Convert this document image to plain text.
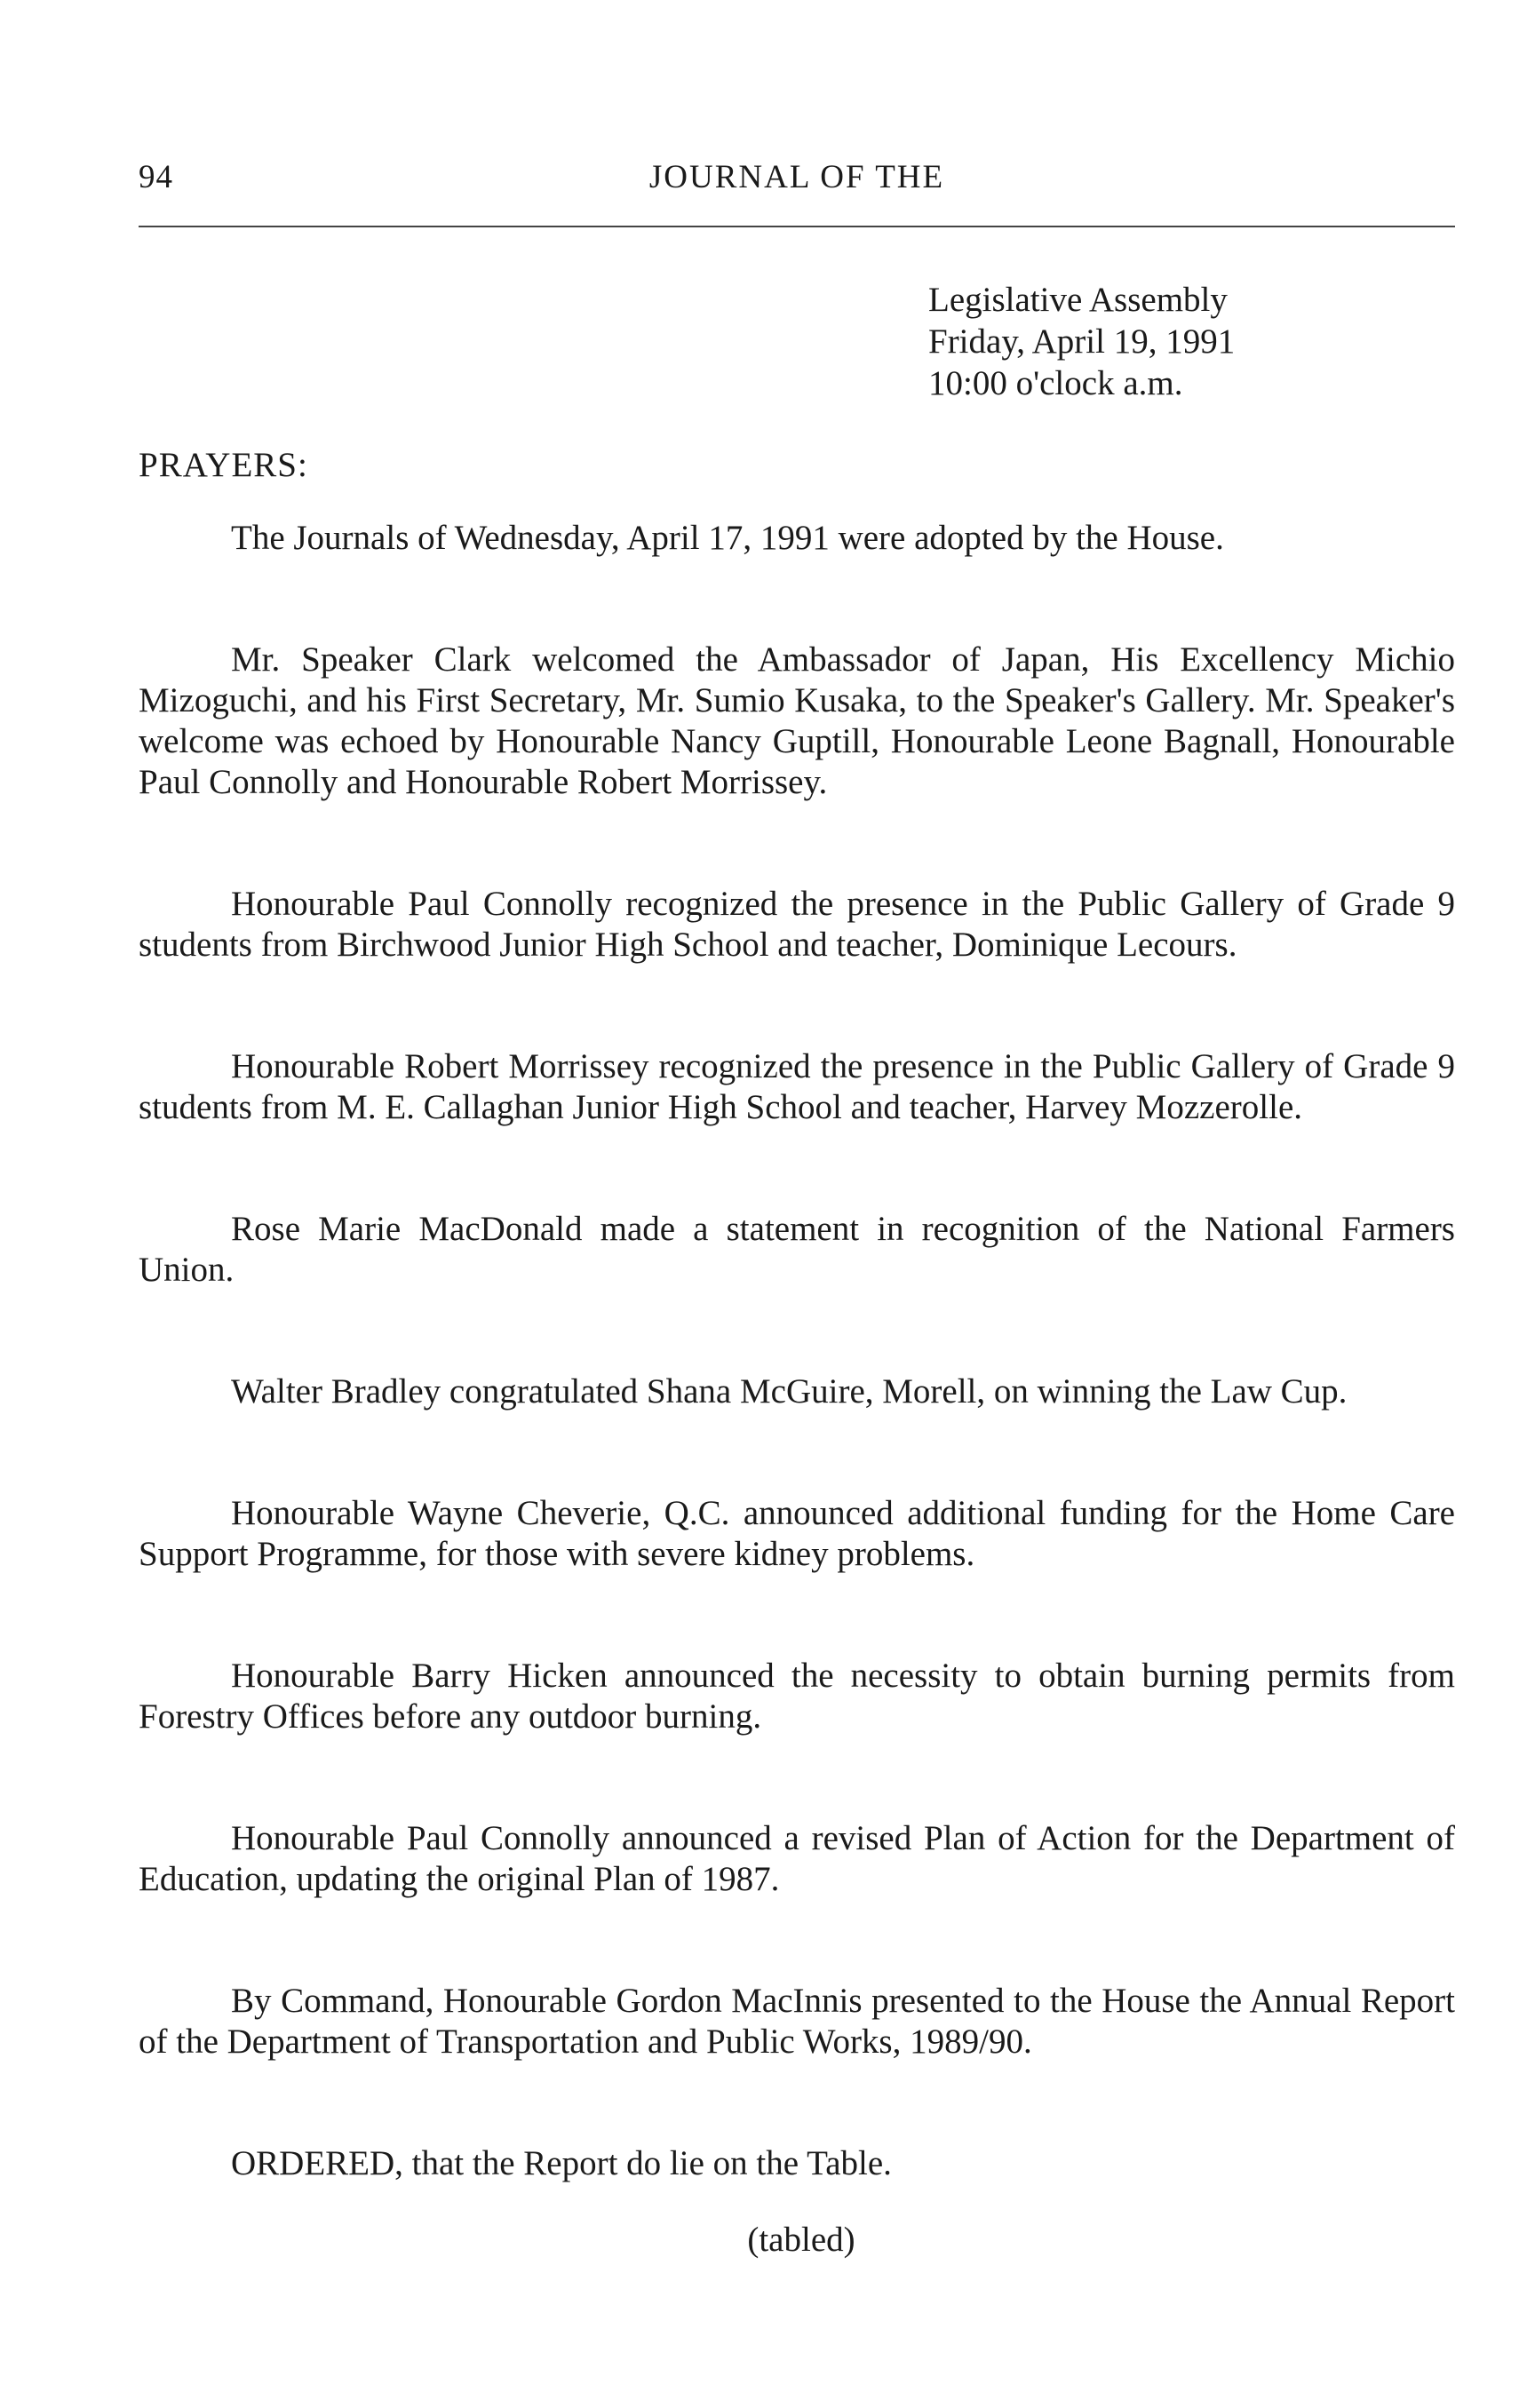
94	JOURNAL OF THE
Legislative Assembly
Friday, April 19, 1991
10:00 o'clock a.m.
PRAYERS:

The Journals of Wednesday, April 17, 1991 were adopted by the House.

Mr. Speaker Clark welcomed the Ambassador of Japan, His Excellency Michio Mizoguchi, and his First Secretary, Mr. Sumio Kusaka, to the Speaker's Gallery. Mr. Speaker's welcome was echoed by Honourable Nancy Guptill, Honourable Leone Bagnall, Honourable Paul Connolly and Honourable Robert Morrissey.

Honourable Paul Connolly recognized the presence in the Public Gallery of Grade 9 students from Birchwood Junior High School and teacher, Dominique Lecours.

Honourable Robert Morrissey recognized the presence in the Public Gallery of Grade 9 students from M. E. Callaghan Junior High School and teacher, Harvey Mozzerolle.

Rose Marie MacDonald made a statement in recognition of the National Farmers Union.

Walter Bradley congratulated Shana McGuire, Morell, on winning the Law Cup.

Honourable Wayne Cheverie, Q.C. announced additional funding for the Home Care Support Programme, for those with severe kidney problems.

Honourable Barry Hicken announced the necessity to obtain burning permits from Forestry Offices before any outdoor burning.

Honourable Paul Connolly announced a revised Plan of Action for the Department of Education, updating the original Plan of 1987.

By Command, Honourable Gordon MacInnis presented to the House the Annual Report of the Department of Transportation and Public Works, 1989/90.

ORDERED, that the Report do lie on the Table.

(tabled)
